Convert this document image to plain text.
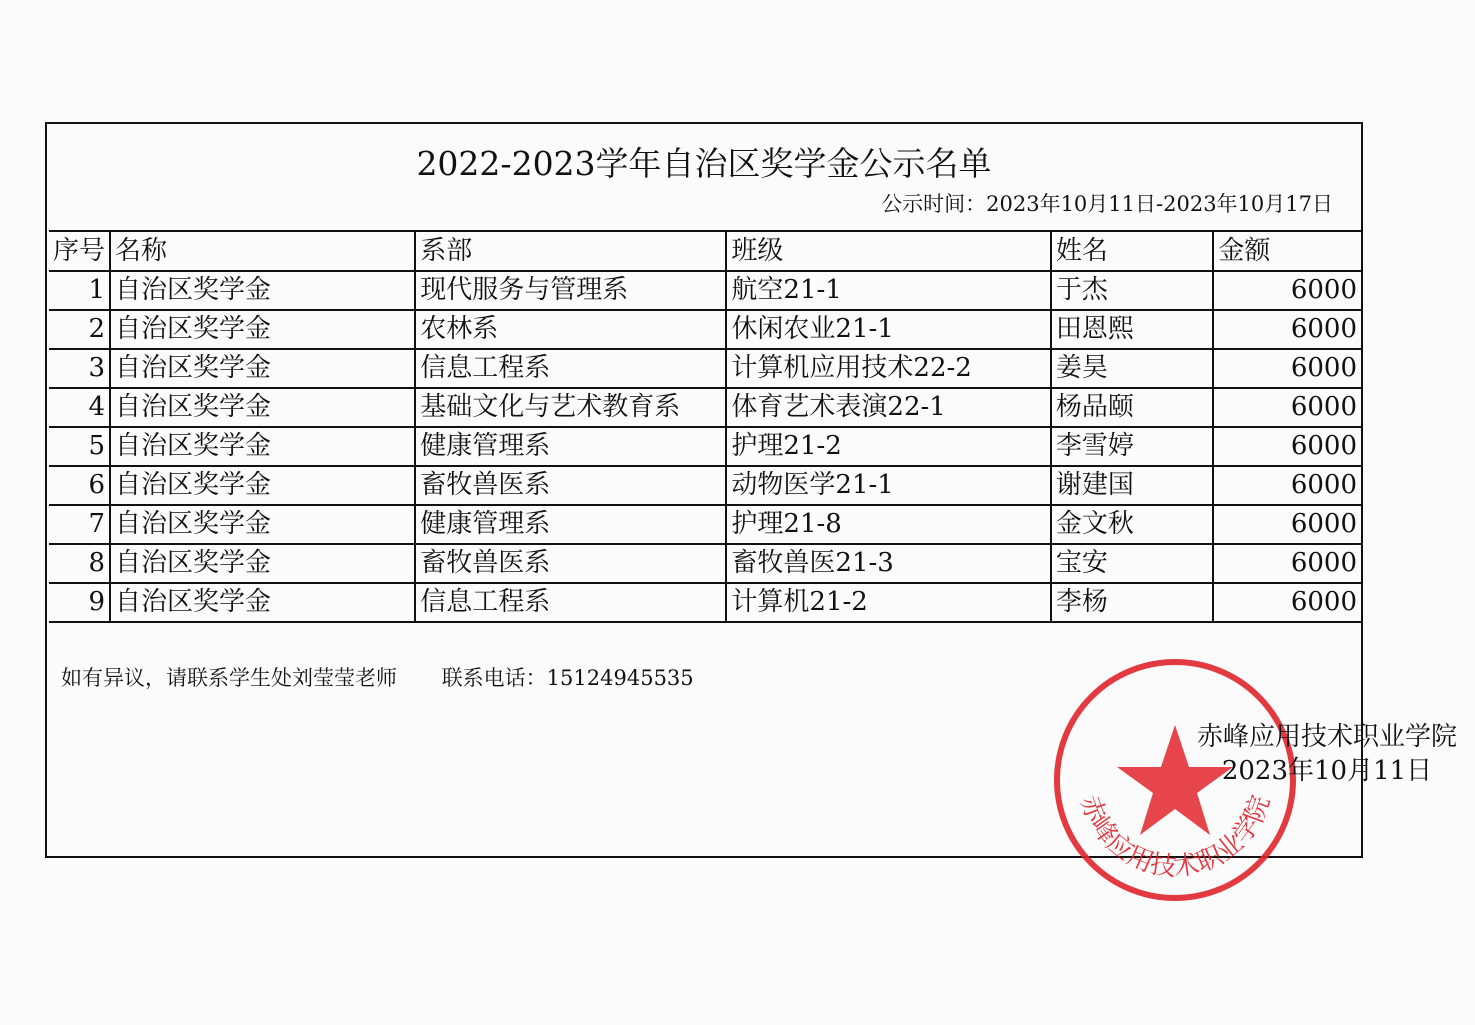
2022-2023学年自治区奖学金公示名单
公示时间：2023年10月11日-2023年10月17日
序号	名称	系部	班级	姓名	金额
1	自治区奖学金	现代服务与管理系	航空21-1	于杰	6000
2	自治区奖学金	农林系	休闲农业21-1	田恩熙	6000
3	自治区奖学金	信息工程系	计算机应用技术22-2	姜昊	6000
4	自治区奖学金	基础文化与艺术教育系	体育艺术表演22-1	杨品颐	6000
5	自治区奖学金	健康管理系	护理21-2	李雪婷	6000
6	自治区奖学金	畜牧兽医系	动物医学21-1	谢建国	6000
7	自治区奖学金	健康管理系	护理21-8	金文秋	6000
8	自治区奖学金	畜牧兽医系	畜牧兽医21-3	宝安	6000
9	自治区奖学金	信息工程系	计算机21-2	李杨	6000
如有异议，请联系学生处刘莹莹老师 联系电话：15124945535
赤峰应用技术职业学院
赤峰应用技术职业学院
2023年10月11日
